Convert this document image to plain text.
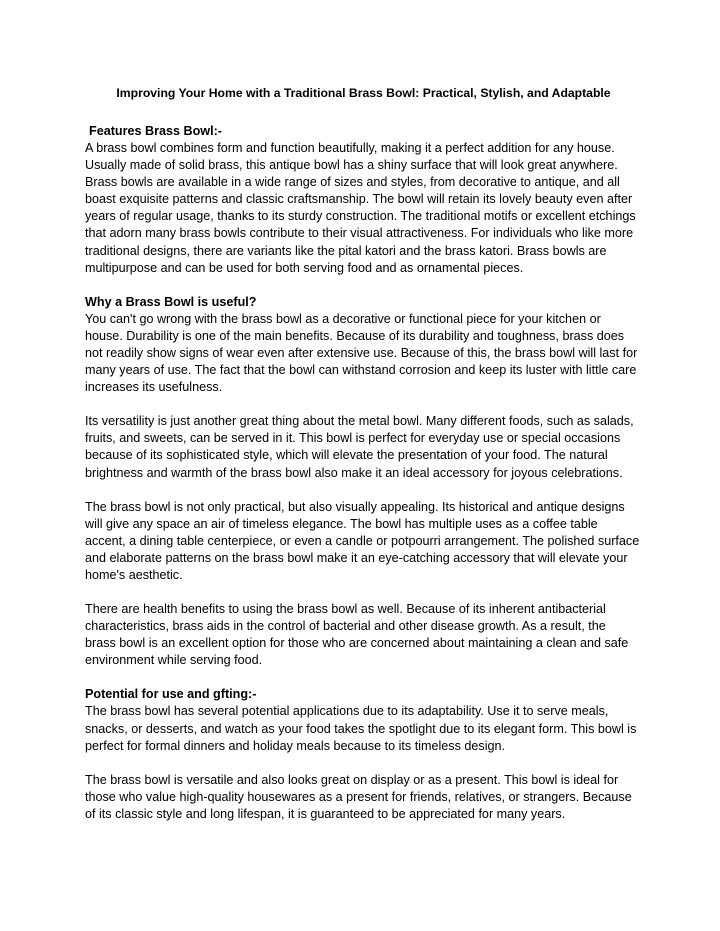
Improving Your Home with a Traditional Brass Bowl: Practical, Stylish, and Adaptable
Features Brass Bowl:-

A brass bowl combines form and function beautifully, making it a perfect addition for any house. Usually made of solid brass, this antique bowl has a shiny surface that will look great anywhere. Brass bowls are available in a wide range of sizes and styles, from decorative to antique, and all boast exquisite patterns and classic craftsmanship. The bowl will retain its lovely beauty even after years of regular usage, thanks to its sturdy construction. The traditional motifs or excellent etchings that adorn many brass bowls contribute to their visual attractiveness. For individuals who like more traditional designs, there are variants like the pital katori and the brass katori. Brass bowls are multipurpose and can be used for both serving food and as ornamental pieces.

Why a Brass Bowl is useful?

You can't go wrong with the brass bowl as a decorative or functional piece for your kitchen or house. Durability is one of the main benefits. Because of its durability and toughness, brass does not readily show signs of wear even after extensive use. Because of this, the brass bowl will last for many years of use. The fact that the bowl can withstand corrosion and keep its luster with little care increases its usefulness.

Its versatility is just another great thing about the metal bowl. Many different foods, such as salads, fruits, and sweets, can be served in it. This bowl is perfect for everyday use or special occasions because of its sophisticated style, which will elevate the presentation of your food. The natural brightness and warmth of the brass bowl also make it an ideal accessory for joyous celebrations.

The brass bowl is not only practical, but also visually appealing. Its historical and antique designs will give any space an air of timeless elegance. The bowl has multiple uses as a coffee table accent, a dining table centerpiece, or even a candle or potpourri arrangement. The polished surface and elaborate patterns on the brass bowl make it an eye-catching accessory that will elevate your home's aesthetic.

There are health benefits to using the brass bowl as well. Because of its inherent antibacterial characteristics, brass aids in the control of bacterial and other disease growth. As a result, the brass bowl is an excellent option for those who are concerned about maintaining a clean and safe environment while serving food.

Potential for use and gfting:-

The brass bowl has several potential applications due to its adaptability. Use it to serve meals, snacks, or desserts, and watch as your food takes the spotlight due to its elegant form. This bowl is perfect for formal dinners and holiday meals because to its timeless design.

The brass bowl is versatile and also looks great on display or as a present. This bowl is ideal for those who value high-quality housewares as a present for friends, relatives, or strangers. Because of its classic style and long lifespan, it is guaranteed to be appreciated for many years.
